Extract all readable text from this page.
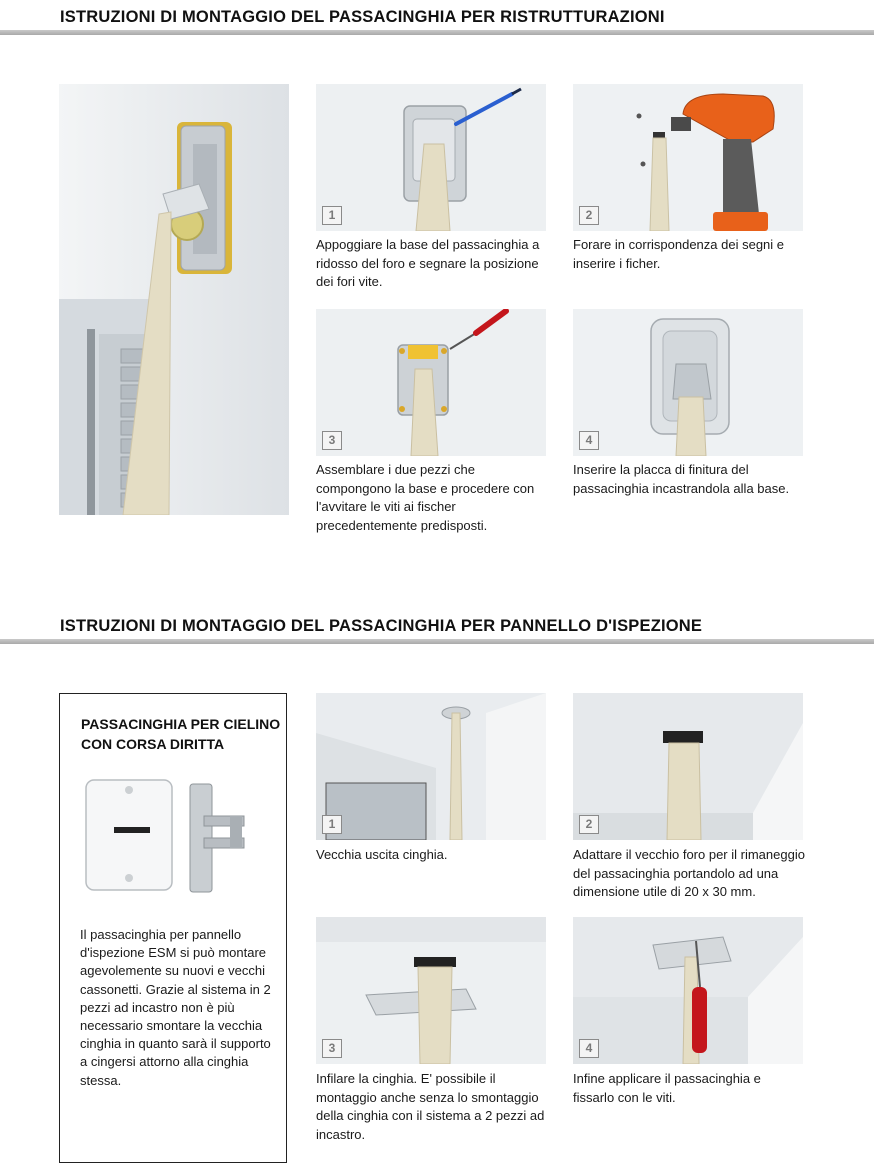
ISTRUZIONI DI MONTAGGIO DEL PASSACINGHIA PER RISTRUTTURAZIONI
1	2
Appoggiare la base del passacinghia a ridosso del foro e segnare la posizione dei fori vite.
Forare in corrispondenza dei segni e inserire i ficher.
3	4
Assemblare i due pezzi che compongono la base e procedere con l'avvitare le viti ai fischer precedentemente predisposti.
Inserire la placca di finitura del passacinghia incastrandola alla base.
ISTRUZIONI DI MONTAGGIO DEL PASSACINGHIA PER PANNELLO D'ISPEZIONE
PASSACINGHIA PER CIELINO CON CORSA DIRITTA
Il passacinghia per pannello d'ispezione ESM si può montare agevolemente su nuovi e vecchi cassonetti. Grazie al sistema in 2 pezzi ad incastro non è più necessario smontare la vecchia cinghia in quanto sarà il supporto a cingersi attorno alla cinghia stessa.
1	2
Vecchia uscita cinghia.	Adattare il vecchio foro per il rimaneggio del passacinghia portandolo ad una dimensione utile di 20 x 30 mm.
3	4
Infilare la cinghia. E' possibile il montaggio anche senza lo smontaggio della cinghia con il sistema a 2 pezzi ad incastro.
Infine applicare il passacinghia e fissarlo con le viti.
